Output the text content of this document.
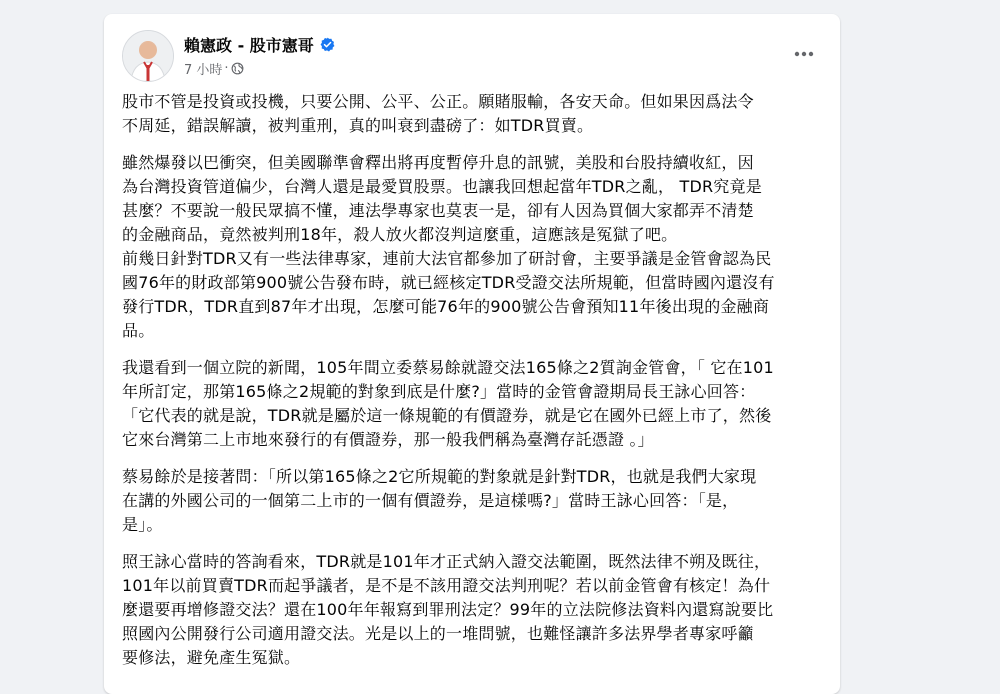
賴憲政 - 股市憲哥
7 小時 ·
股市不管是投資或投機，只要公開、公平、公正。願賭服輸，各安天命。但如果因爲法令
不周延，錯誤解讀，被判重刑，真的叫衰到盡磅了：如TDR買賣。
雖然爆發以巴衝突，但美國聯準會釋出將再度暫停升息的訊號，美股和台股持續收紅，因
為台灣投資管道偏少，台灣人還是最愛買股票。也讓我回想起當年TDR之亂， TDR究竟是
甚麼？不要說一般民眾搞不懂，連法學專家也莫衷一是，卻有人因為買個大家都弄不清楚
的金融商品，竟然被判刑18年，殺人放火都沒判這麼重，這應該是冤獄了吧。
前幾日針對TDR又有一些法律專家，連前大法官都參加了研討會，主要爭議是金管會認為民
國76年的財政部第900號公告發布時，就已經核定TDR受證交法所規範，但當時國內還沒有
發行TDR，TDR直到87年才出現，怎麼可能76年的900號公告會預知11年後出現的金融商
品。
我還看到一個立院的新聞，105年間立委蔡易餘就證交法165條之2質詢金管會，「 它在101
年所訂定，那第165條之2規範的對象到底是什麼?」當時的金管會證期局長王詠心回答：
「它代表的就是說，TDR就是屬於這一條規範的有價證券，就是它在國外已經上市了，然後
它來台灣第二上市地來發行的有價證券，那一般我們稱為臺灣存託憑證 。」
蔡易餘於是接著問：「所以第165條之2它所規範的對象就是針對TDR，也就是我們大家現
在講的外國公司的一個第二上市的一個有價證券，是這樣嗎?」當時王詠心回答：「是，
是」。
照王詠心當時的答詢看來，TDR就是101年才正式納入證交法範圍，既然法律不朔及既往，
101年以前買賣TDR而起爭議者，是不是不該用證交法判刑呢？若以前金管會有核定！為什
麼還要再增修證交法？還在100年年報寫到罪刑法定？99年的立法院修法資料內還寫說要比
照國內公開發行公司適用證交法。光是以上的一堆問號，也難怪讓許多法界學者專家呼籲
要修法，避免產生冤獄。
